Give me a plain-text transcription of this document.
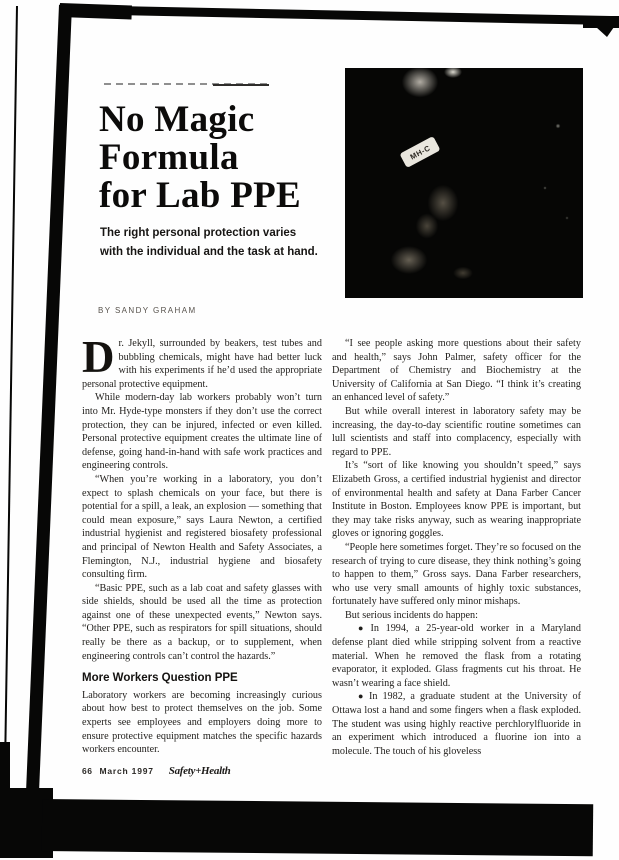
No Magic
Formula
for Lab PPE
The right personal protection varies
with the individual and the task at hand.
BY SANDY GRAHAM
MH-C

Dr. Jekyll, surrounded by beakers, test tubes and bubbling chemicals, might have had better luck with his experiments if he’d used the appropriate personal protective equipment.

While modern-day lab workers probably won’t turn into Mr. Hyde-type monsters if they don’t use the correct protection, they can be injured, infected or even killed. Personal protective equipment creates the ultimate line of defense, going hand-in-hand with safe work practices and engineering controls.

“When you’re working in a laboratory, you don’t expect to splash chemicals on your face, but there is potential for a spill, a leak, an explosion — something that could mean exposure,” says Laura Newton, a certified industrial hygienist and registered biosafety professional and principal of Newton Health and Safety Associates, a Flemington, N.J., industrial hygiene and biosafety consulting firm.

“Basic PPE, such as a lab coat and safety glasses with side shields, should be used all the time as protection against one of these unexpected events,” Newton says. “Other PPE, such as respirators for spill situations, should really be there as a backup, or to supplement, when engineering controls can’t control the hazards.”

More Workers Question PPE

Laboratory workers are becoming increasingly curious about how best to protect themselves on the job. Some experts see employees and employers doing more to ensure protective equipment matches the specific hazards workers encounter.

“I see people asking more questions about their safety and health,” says John Palmer, safety officer for the Department of Chemistry and Biochemistry at the University of California at San Diego. “I think it’s creating an enhanced level of safety.”

But while overall interest in laboratory safety may be increasing, the day-to-day scientific routine sometimes can lull scientists and staff into complacency, especially with regard to PPE.

It’s “sort of like knowing you shouldn’t speed,” says Elizabeth Gross, a certified industrial hygienist and director of environmental health and safety at Dana Farber Cancer Institute in Boston. Employees know PPE is important, but they may take risks anyway, such as wearing inappropriate gloves or ignoring goggles.

“People here sometimes forget. They’re so focused on the research of trying to cure disease, they think nothing’s going to happen to them,” Gross says. Dana Farber researchers, who use very small amounts of highly toxic substances, fortunately have suffered only minor mishaps.

But serious incidents do happen:

● In 1994, a 25-year-old worker in a Maryland defense plant died while stripping solvent from a reactive material. When he removed the flask from a rotating evaporator, it exploded. Glass fragments cut his throat. He wasn’t wearing a face shield.

● In 1982, a graduate student at the University of Ottawa lost a hand and some fingers when a flask exploded. The student was using highly reactive perchlorylfluoride in an experiment which introduced a fluorine ion into a molecule. The touch of his gloveless

66 March 1997 Safety+Health
